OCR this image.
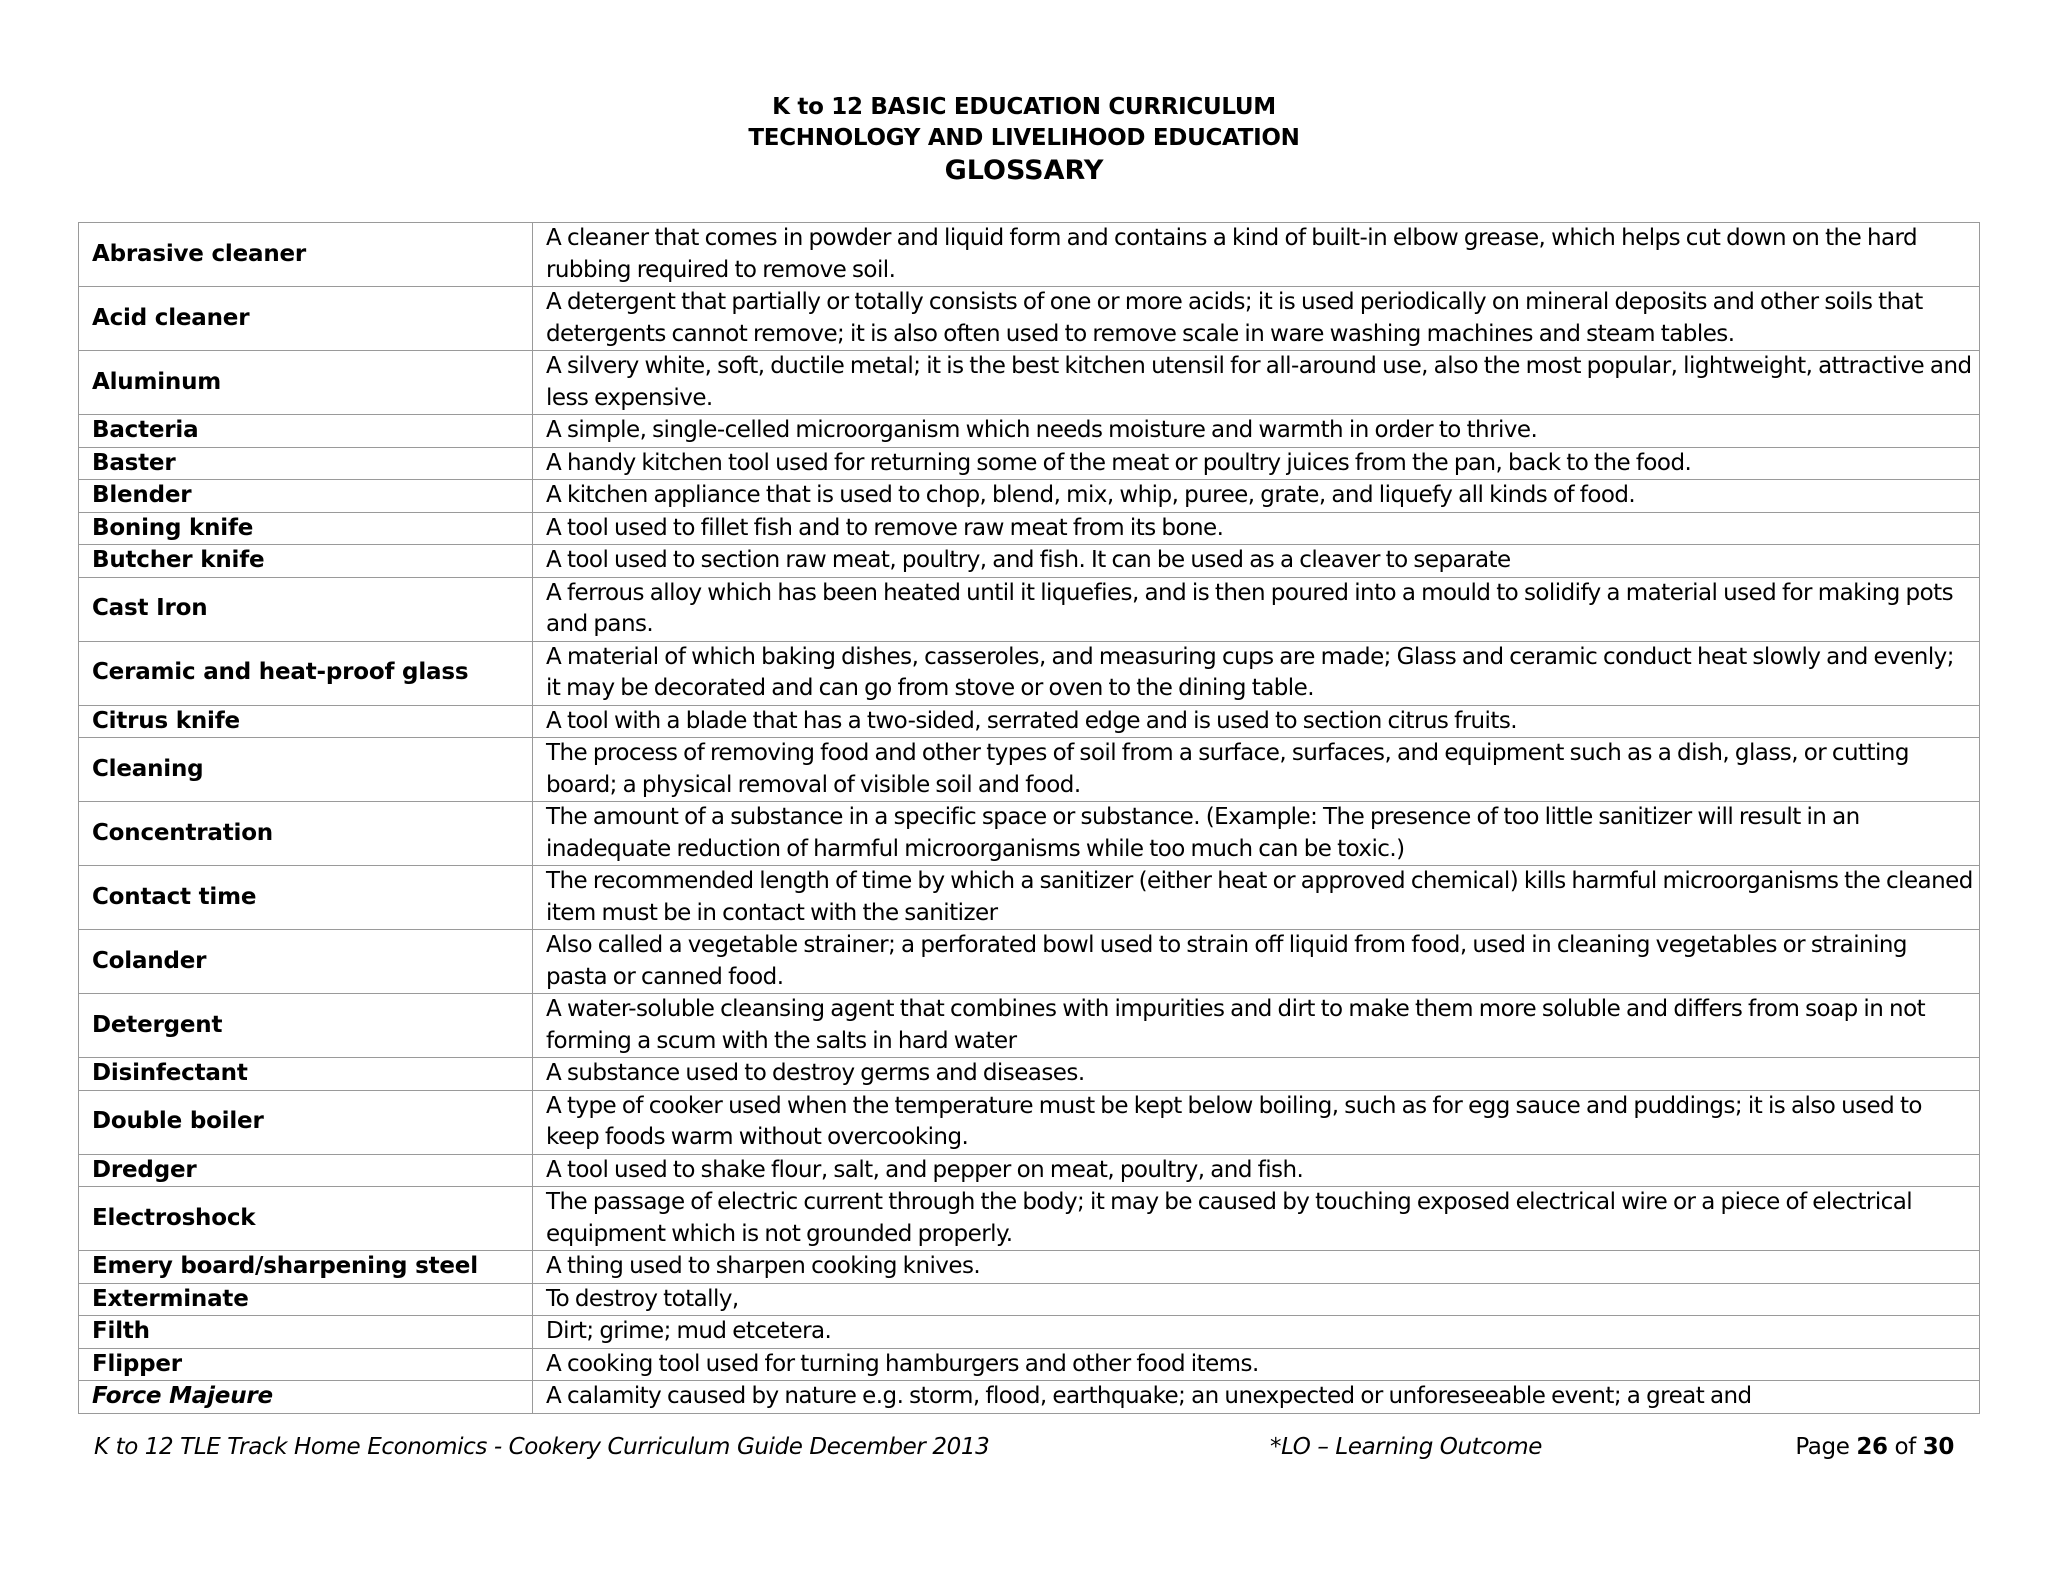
K to 12 BASIC EDUCATION CURRICULUM
TECHNOLOGY AND LIVELIHOOD EDUCATION
GLOSSARY
Abrasive cleaner	A cleaner that comes in powder and liquid form and contains a kind of built-in elbow grease, which helps cut down on the hard rubbing required to remove soil.
Acid cleaner	A detergent that partially or totally consists of one or more acids; it is used periodically on mineral deposits and other soils that detergents cannot remove; it is also often used to remove scale in ware washing machines and steam tables.
Aluminum	A silvery white, soft, ductile metal; it is the best kitchen utensil for all-around use, also the most popular, lightweight, attractive and less expensive.
Bacteria	A simple, single-celled microorganism which needs moisture and warmth in order to thrive.
Baster	A handy kitchen tool used for returning some of the meat or poultry juices from the pan, back to the food.
Blender	A kitchen appliance that is used to chop, blend, mix, whip, puree, grate, and liquefy all kinds of food.
Boning knife	A tool used to fillet fish and to remove raw meat from its bone.
Butcher knife	A tool used to section raw meat, poultry, and fish. It can be used as a cleaver to separate
Cast Iron	A ferrous alloy which has been heated until it liquefies, and is then poured into a mould to solidify a material used for making pots and pans.
Ceramic and heat-proof glass	A material of which baking dishes, casseroles, and measuring cups are made; Glass and ceramic conduct heat slowly and evenly; it may be decorated and can go from stove or oven to the dining table.
Citrus knife	A tool with a blade that has a two-sided, serrated edge and is used to section citrus fruits.
Cleaning	The process of removing food and other types of soil from a surface, surfaces, and equipment such as a dish, glass, or cutting board; a physical removal of visible soil and food.
Concentration	The amount of a substance in a specific space or substance. (Example: The presence of too little sanitizer will result in an inadequate reduction of harmful microorganisms while too much can be toxic.)
Contact time	The recommended length of time by which a sanitizer (either heat or approved chemical) kills harmful microorganisms the cleaned item must be in contact with the sanitizer
Colander	Also called a vegetable strainer; a perforated bowl used to strain off liquid from food, used in cleaning vegetables or straining pasta or canned food.
Detergent	A water-soluble cleansing agent that combines with impurities and dirt to make them more soluble and differs from soap in not forming a scum with the salts in hard water
Disinfectant	A substance used to destroy germs and diseases.
Double boiler	A type of cooker used when the temperature must be kept below boiling, such as for egg sauce and puddings; it is also used to keep foods warm without overcooking.
Dredger	A tool used to shake flour, salt, and pepper on meat, poultry, and fish.
Electroshock	The passage of electric current through the body; it may be caused by touching exposed electrical wire or a piece of electrical equipment which is not grounded properly.
Emery board/sharpening steel	A thing used to sharpen cooking knives.
Exterminate	To destroy totally,
Filth	Dirt; grime; mud etcetera.
Flipper	A cooking tool used for turning hamburgers and other food items.
Force Majeure	A calamity caused by nature e.g. storm, flood, earthquake; an unexpected or unforeseeable event; a great and
K to 12 TLE Track Home Economics - Cookery Curriculum Guide December 2013	*LO – Learning Outcome	Page 26 of 30
